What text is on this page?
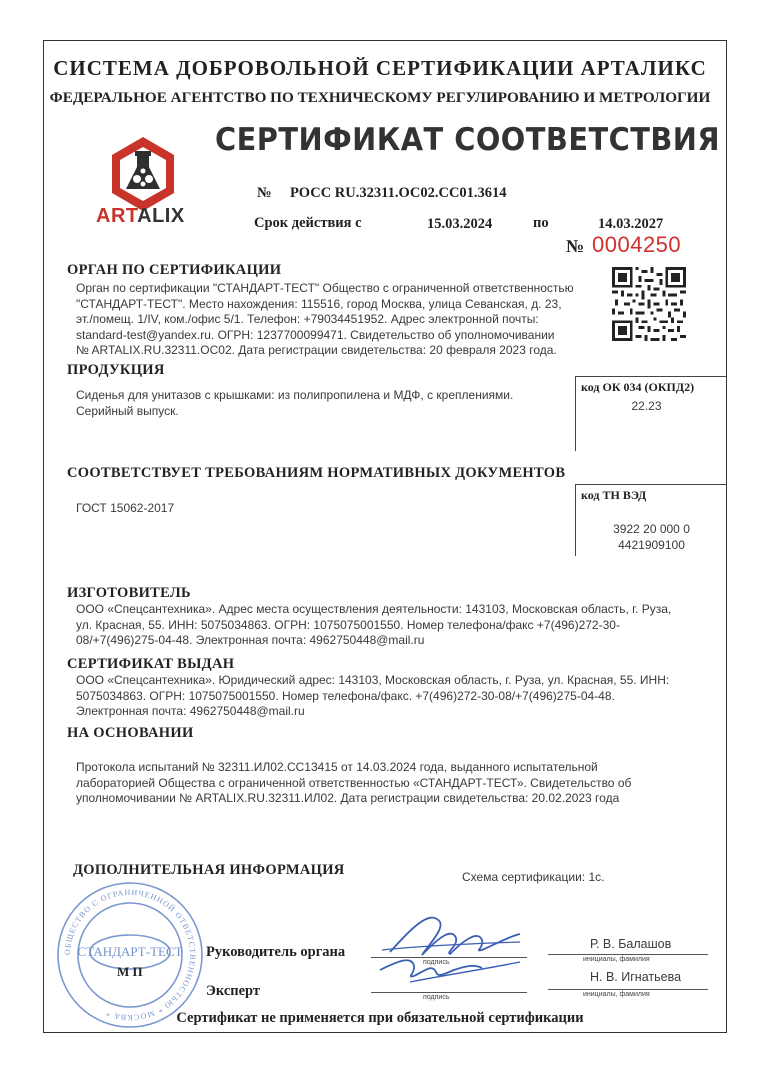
СИСТЕМА ДОБРОВОЛЬНОЙ СЕРТИФИКАЦИИ АРТАЛИКС
ФЕДЕРАЛЬНОЕ АГЕНТСТВО ПО ТЕХНИЧЕСКОМУ РЕГУЛИРОВАНИЮ И МЕТРОЛОГИИ
ARTALIX
СЕРТИФИКАТ СООТВЕТСТВИЯ
№ РОСС RU.32311.ОС02.СС01.3614
Срок действия с	15.03.2024	по	14.03.2027
№ 0004250
ОРГАН ПО СЕРТИФИКАЦИИ
Орган по сертификации "СТАНДАРТ-ТЕСТ" Общество с ограниченной ответственностью
"СТАНДАРТ-ТЕСТ". Место нахождения: 115516, город Москва, улица Севанская, д. 23,
эт./помещ. 1/IV, ком./офис 5/1. Телефон: +79034451952. Адрес электронной почты:
standard-test@yandex.ru. ОГРН: 1237700099471. Свидетельство об уполномочивании
№ ARTALIX.RU.32311.ОС02. Дата регистрации свидетельства: 20 февраля 2023 года.
ПРОДУКЦИЯ
Сиденья для унитазов с крышками: из полипропилена и МДФ, с креплениями.
Серийный выпуск.
код ОК 034 (ОКПД2)
22.23
СООТВЕТСТВУЕТ ТРЕБОВАНИЯМ НОРМАТИВНЫХ ДОКУМЕНТОВ
ГОСТ 15062-2017
код ТН ВЭД
3922 20 000 0
4421909100
ИЗГОТОВИТЕЛЬ
ООО «Спецсантехника». Адрес места осуществления деятельности: 143103, Московская область, г. Руза,
ул. Красная, 55. ИНН: 5075034863. ОГРН: 1075075001550. Номер телефона/факс +7(496)272-30-
08/+7(496)275-04-48. Электронная почта: 4962750448@mail.ru
СЕРТИФИКАТ ВЫДАН
ООО «Спецсантехника». Юридический адрес: 143103, Московская область, г. Руза, ул. Красная, 55. ИНН:
5075034863. ОГРН: 1075075001550. Номер телефона/факс. +7(496)272-30-08/+7(496)275-04-48.
Электронная почта: 4962750448@mail.ru
НА ОСНОВАНИИ
Протокола испытаний № 32311.ИЛ02.СС13415 от 14.03.2024 года, выданного испытательной
лабораторией Общества с ограниченной ответственностью «СТАНДАРТ-ТЕСТ». Свидетельство об
уполномочивании № ARTALIX.RU.32311.ИЛ02. Дата регистрации свидетельства: 20.02.2023 года
ДОПОЛНИТЕЛЬНАЯ ИНФОРМАЦИЯ	Схема сертификации: 1с.
ОБЩЕСТВО С ОГРАНИЧЕННОЙ ОТВЕТСТВЕННОСТЬЮ * МОСКВА *
СТАНДАРТ-ТЕСТ
М П
Руководитель органа
Эксперт
подпись
Р. В. Балашов
инициалы, фамилия
подпись
Н. В. Игнатьева
инициалы, фамилия
Сертификат не применяется при обязательной сертификации
